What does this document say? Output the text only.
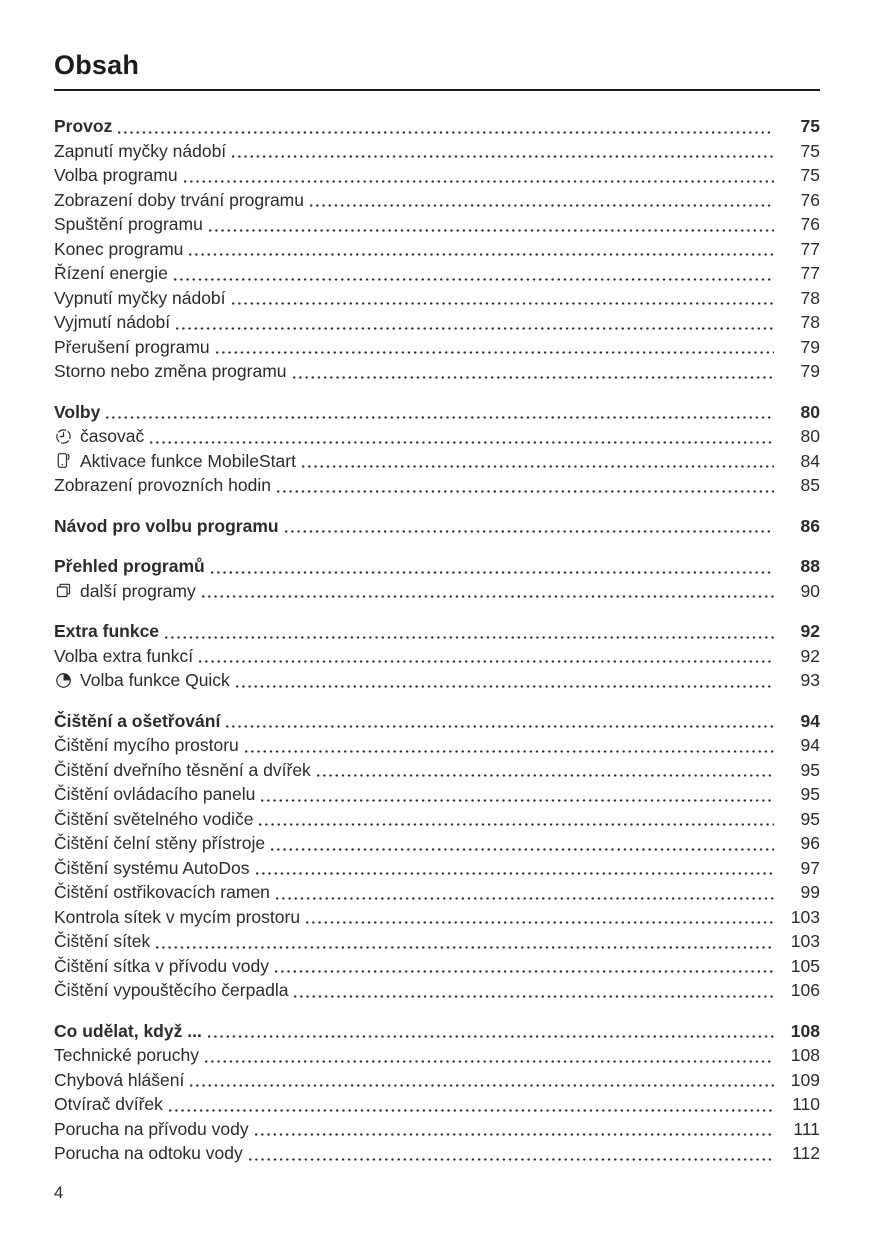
Obsah
Provoz	75
Zapnutí myčky nádobí	75
Volba programu	75
Zobrazení doby trvání programu	76
Spuštění programu	76
Konec programu	77
Řízení energie	77
Vypnutí myčky nádobí	78
Vyjmutí nádobí	78
Přerušení programu	79
Storno nebo změna programu	79
Volby	80
časovač	80
Aktivace funkce MobileStart	84
Zobrazení provozních hodin	85
Návod pro volbu programu	86
Přehled programů	88
další programy	90
Extra funkce	92
Volba extra funkcí	92
Volba funkce Quick	93
Čištění a ošetřování	94
Čištění mycího prostoru	94
Čištění dveřního těsnění a dvířek	95
Čištění ovládacího panelu	95
Čištění světelného vodiče	95
Čištění čelní stěny přístroje	96
Čištění systému AutoDos	97
Čištění ostřikovacích ramen	99
Kontrola sítek v mycím prostoru	103
Čištění sítek	103
Čištění sítka v přívodu vody	105
Čištění vypouštěcího čerpadla	106
Co udělat, když ...	108
Technické poruchy	108
Chybová hlášení	109
Otvírač dvířek	110
Porucha na přívodu vody	111
Porucha na odtoku vody	112
4
